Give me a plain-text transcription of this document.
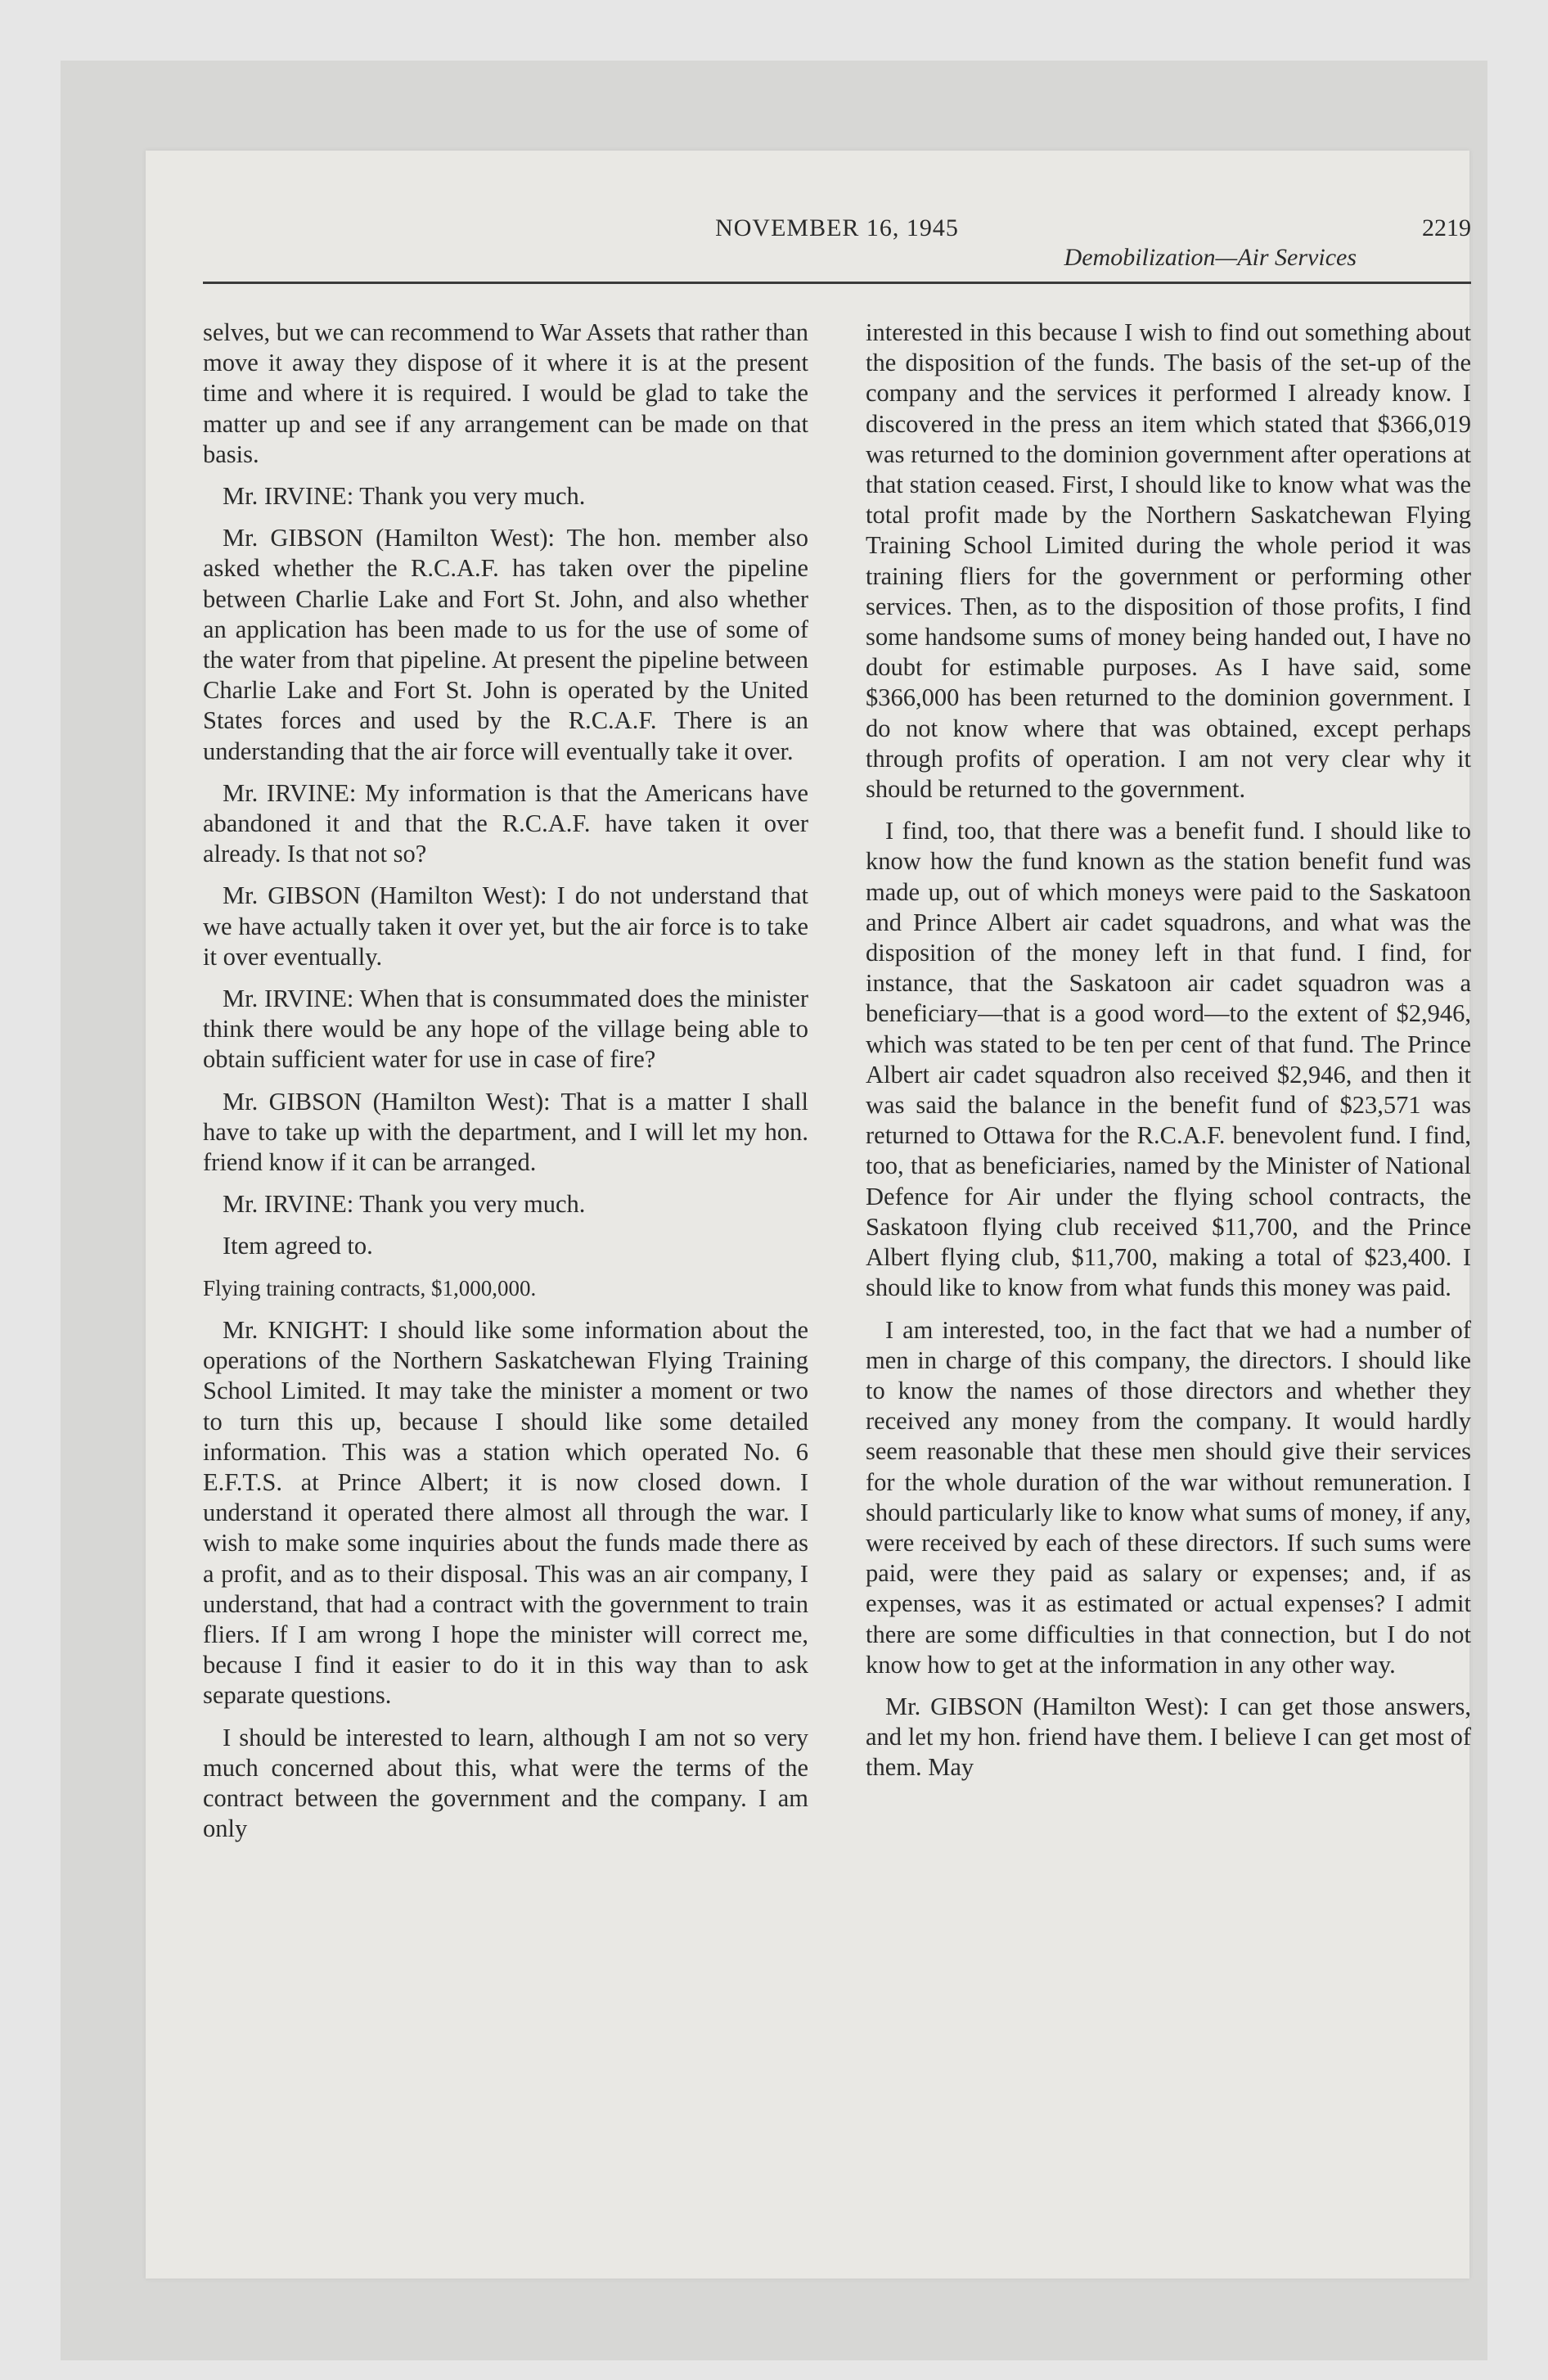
NOVEMBER 16, 1945	2219
Demobilization—Air Services

selves, but we can recommend to War Assets that rather than move it away they dispose of it where it is at the present time and where it is required. I would be glad to take the matter up and see if any arrangement can be made on that basis.

Mr. IRVINE: Thank you very much.

Mr. GIBSON (Hamilton West): The hon. member also asked whether the R.C.A.F. has taken over the pipeline between Charlie Lake and Fort St. John, and also whether an application has been made to us for the use of some of the water from that pipeline. At present the pipeline between Charlie Lake and Fort St. John is operated by the United States forces and used by the R.C.A.F. There is an understanding that the air force will eventually take it over.

Mr. IRVINE: My information is that the Americans have abandoned it and that the R.C.A.F. have taken it over already. Is that not so?

Mr. GIBSON (Hamilton West): I do not understand that we have actually taken it over yet, but the air force is to take it over eventually.

Mr. IRVINE: When that is consummated does the minister think there would be any hope of the village being able to obtain sufficient water for use in case of fire?

Mr. GIBSON (Hamilton West): That is a matter I shall have to take up with the department, and I will let my hon. friend know if it can be arranged.

Mr. IRVINE: Thank you very much.

Item agreed to.

Flying training contracts, $1,000,000.

Mr. KNIGHT: I should like some information about the operations of the Northern Saskatchewan Flying Training School Limited. It may take the minister a moment or two to turn this up, because I should like some detailed information. This was a station which operated No. 6 E.F.T.S. at Prince Albert; it is now closed down. I understand it operated there almost all through the war. I wish to make some inquiries about the funds made there as a profit, and as to their disposal. This was an air company, I understand, that had a contract with the government to train fliers. If I am wrong I hope the minister will correct me, because I find it easier to do it in this way than to ask separate questions.

I should be interested to learn, although I am not so very much concerned about this, what were the terms of the contract between the government and the company. I am only

interested in this because I wish to find out something about the disposition of the funds. The basis of the set-up of the company and the services it performed I already know. I discovered in the press an item which stated that $366,019 was returned to the dominion government after operations at that station ceased. First, I should like to know what was the total profit made by the Northern Saskatchewan Flying Training School Limited during the whole period it was training fliers for the government or performing other services. Then, as to the disposition of those profits, I find some handsome sums of money being handed out, I have no doubt for estimable purposes. As I have said, some $366,000 has been returned to the dominion government. I do not know where that was obtained, except perhaps through profits of operation. I am not very clear why it should be returned to the government.

I find, too, that there was a benefit fund. I should like to know how the fund known as the station benefit fund was made up, out of which moneys were paid to the Saskatoon and Prince Albert air cadet squadrons, and what was the disposition of the money left in that fund. I find, for instance, that the Saskatoon air cadet squadron was a beneficiary—that is a good word—to the extent of $2,946, which was stated to be ten per cent of that fund. The Prince Albert air cadet squadron also received $2,946, and then it was said the balance in the benefit fund of $23,571 was returned to Ottawa for the R.C.A.F. benevolent fund. I find, too, that as beneficiaries, named by the Minister of National Defence for Air under the flying school contracts, the Saskatoon flying club received $11,700, and the Prince Albert flying club, $11,700, making a total of $23,400. I should like to know from what funds this money was paid.

I am interested, too, in the fact that we had a number of men in charge of this company, the directors. I should like to know the names of those directors and whether they received any money from the company. It would hardly seem reasonable that these men should give their services for the whole duration of the war without remuneration. I should particularly like to know what sums of money, if any, were received by each of these directors. If such sums were paid, were they paid as salary or expenses; and, if as expenses, was it as estimated or actual expenses? I admit there are some difficulties in that connection, but I do not know how to get at the information in any other way.

Mr. GIBSON (Hamilton West): I can get those answers, and let my hon. friend have them. I believe I can get most of them. May
